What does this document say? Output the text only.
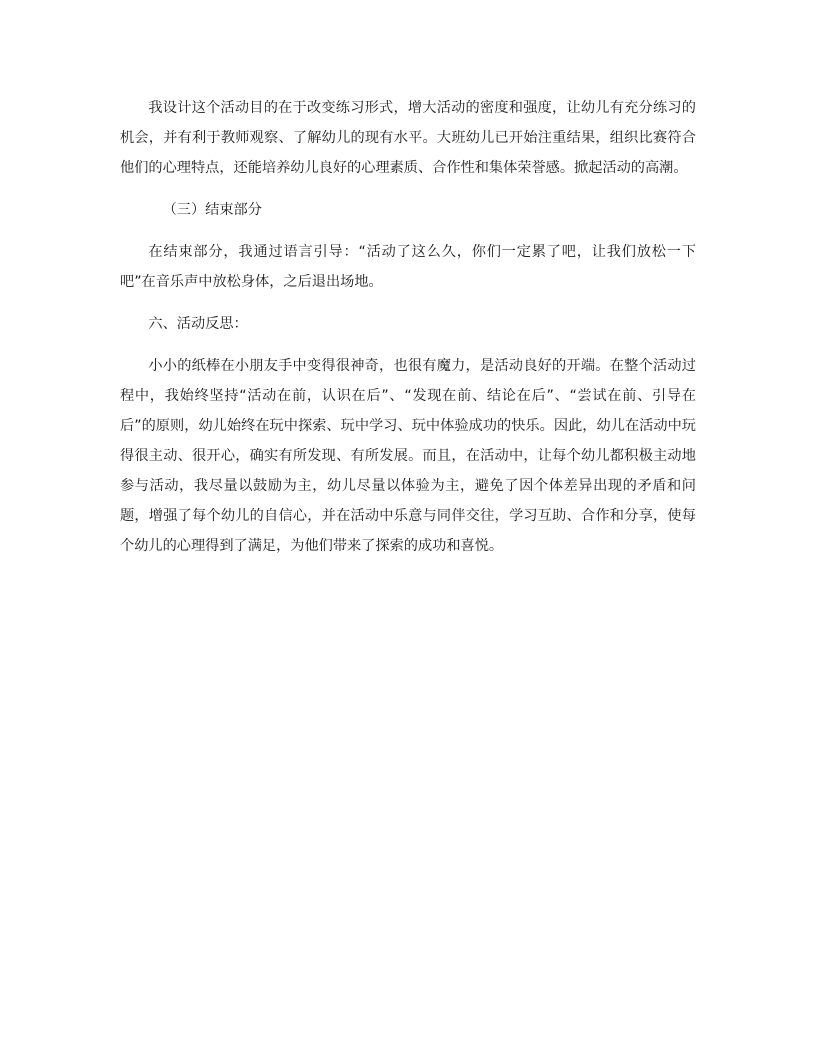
我设计这个活动目的在于改变练习形式，增大活动的密度和强度，让幼儿有充分练习的机会，并有利于教师观察、了解幼儿的现有水平。大班幼儿已开始注重结果，组织比赛符合他们的心理特点，还能培养幼儿良好的心理素质、合作性和集体荣誉感。掀起活动的高潮。

（三）结束部分

在结束部分，我通过语言引导：“活动了这么久，你们一定累了吧，让我们放松一下吧”在音乐声中放松身体，之后退出场地。

六、活动反思：

小小的纸棒在小朋友手中变得很神奇，也很有魔力，是活动良好的开端。在整个活动过程中，我始终坚持“活动在前，认识在后”、“发现在前、结论在后”、“尝试在前、引导在后”的原则，幼儿始终在玩中探索、玩中学习、玩中体验成功的快乐。因此，幼儿在活动中玩得很主动、很开心，确实有所发现、有所发展。而且，在活动中，让每个幼儿都积极主动地参与活动，我尽量以鼓励为主，幼儿尽量以体验为主，避免了因个体差异出现的矛盾和问题，增强了每个幼儿的自信心，并在活动中乐意与同伴交往，学习互助、合作和分享，使每个幼儿的心理得到了满足，为他们带来了探索的成功和喜悦。
